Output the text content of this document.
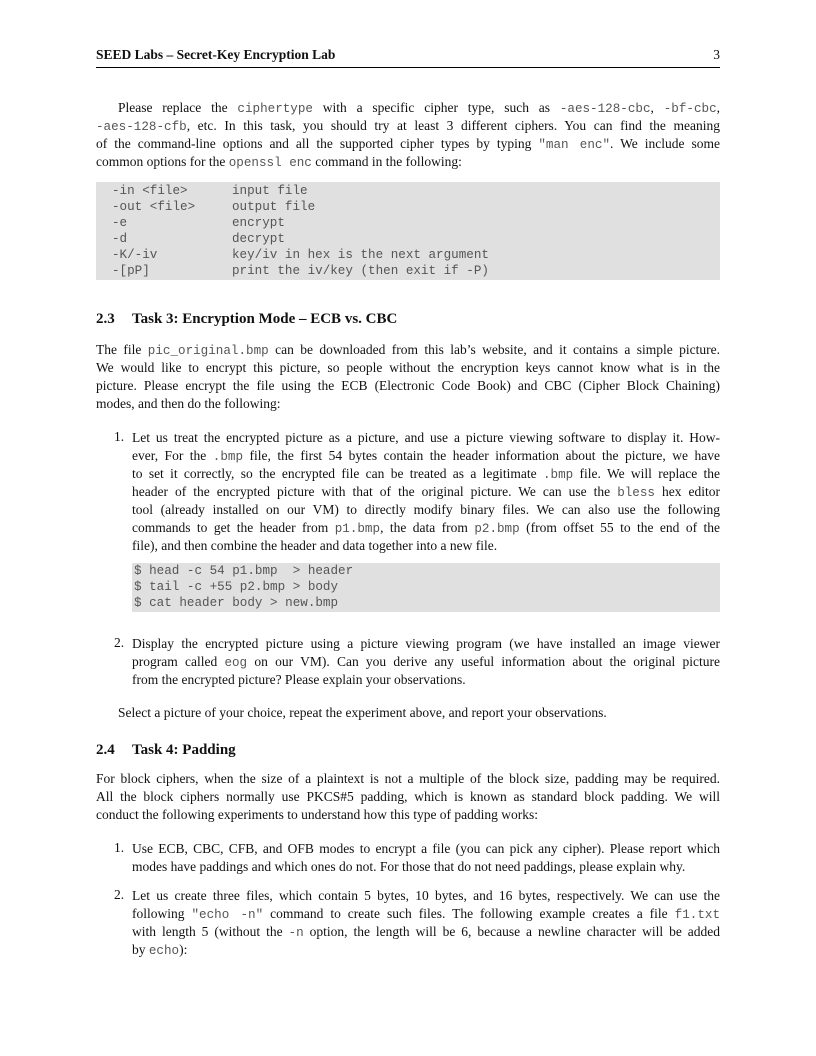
SEED Labs – Secret-Key Encryption Lab	3
Please replace the ciphertype with a specific cipher type, such as -aes-128-cbc, -bf-cbc,
-aes-128-cfb, etc. In this task, you should try at least 3 different ciphers. You can find the meaning
of the command-line options and all the supported cipher types by typing "man enc". We include some
common options for the openssl enc command in the following:
-in <file>	input file
-out <file>	output file
-e	encrypt
-d	decrypt
-K/-iv	key/iv in hex is the next argument
-[pP]	print the iv/key (then exit if -P)
2.3 Task 3: Encryption Mode – ECB vs. CBC
The file pic_original.bmp can be downloaded from this lab’s website, and it contains a simple picture.
We would like to encrypt this picture, so people without the encryption keys cannot know what is in the
picture. Please encrypt the file using the ECB (Electronic Code Book) and CBC (Cipher Block Chaining)
modes, and then do the following:
1. Let us treat the encrypted picture as a picture, and use a picture viewing software to display it. How-
ever, For the .bmp file, the first 54 bytes contain the header information about the picture, we have
to set it correctly, so the encrypted file can be treated as a legitimate .bmp file. We will replace the
header of the encrypted picture with that of the original picture. We can use the bless hex editor
tool (already installed on our VM) to directly modify binary files. We can also use the following
commands to get the header from p1.bmp, the data from p2.bmp (from offset 55 to the end of the
file), and then combine the header and data together into a new file.
$ head -c 54 p1.bmp  > header
$ tail -c +55 p2.bmp > body
$ cat header body > new.bmp
2. Display the encrypted picture using a picture viewing program (we have installed an image viewer
program called eog on our VM). Can you derive any useful information about the original picture
from the encrypted picture? Please explain your observations.
Select a picture of your choice, repeat the experiment above, and report your observations.
2.4 Task 4: Padding
For block ciphers, when the size of a plaintext is not a multiple of the block size, padding may be required.
All the block ciphers normally use PKCS#5 padding, which is known as standard block padding. We will
conduct the following experiments to understand how this type of padding works:
1. Use ECB, CBC, CFB, and OFB modes to encrypt a file (you can pick any cipher). Please report which
modes have paddings and which ones do not. For those that do not need paddings, please explain why.
2. Let us create three files, which contain 5 bytes, 10 bytes, and 16 bytes, respectively. We can use the
following "echo -n" command to create such files. The following example creates a file f1.txt
with length 5 (without the -n option, the length will be 6, because a newline character will be added
by echo):
